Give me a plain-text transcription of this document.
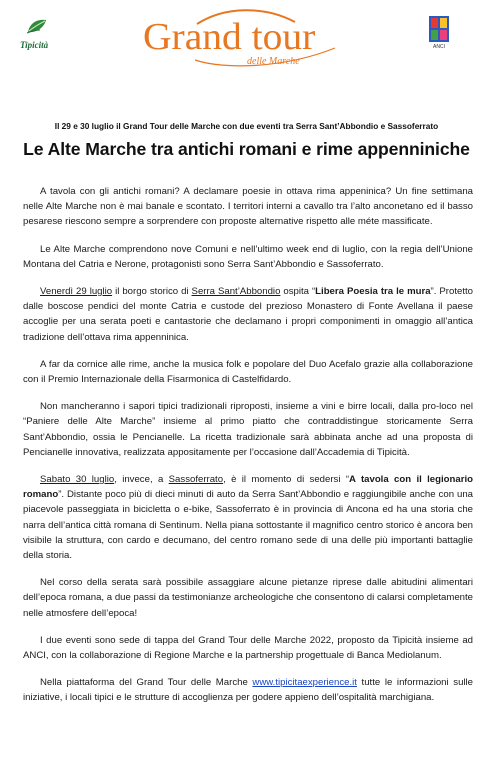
Tipicità Grand tour
delle Marche
ANCI
Il 29 e 30 luglio il Grand Tour delle Marche con due eventi tra Serra Sant’Abbondio e Sassoferrato
Le Alte Marche tra antichi romani e rime appenniniche

A tavola con gli antichi romani? A declamare poesie in ottava rima appeninica? Un fine settimana nelle Alte Marche non è mai banale e scontato. I territori interni a cavallo tra l’alto anconetano ed il basso pesarese riescono sempre a sorprendere con proposte alternative rispetto alle méte massificate.

Le Alte Marche comprendono nove Comuni e nell’ultimo week end di luglio, con la regia dell’Unione Montana del Catria e Nerone, protagonisti sono Serra Sant’Abbondio e Sassoferrato.

Venerdì 29 luglio il borgo storico di Serra Sant’Abbondio ospita “Libera Poesia tra le mura”. Protetto dalle boscose pendici del monte Catria e custode del prezioso Monastero di Fonte Avellana il paese accoglie per una serata poeti e cantastorie che declamano i propri componimenti in omaggio all’antica tradizione dell’ottava rima appenninica.

A far da cornice alle rime, anche la musica folk e popolare del Duo Acefalo grazie alla collaborazione con il Premio Internazionale della Fisarmonica di Castelfidardo.

Non mancheranno i sapori tipici tradizionali riproposti, insieme a vini e birre locali, dalla pro-loco nel “Paniere delle Alte Marche” insieme al primo piatto che contraddistingue storicamente Serra Sant’Abbondio, ossia le Pencianelle. La ricetta tradizionale sarà abbinata anche ad una proposta di Pencianelle innovativa, realizzata appositamente per l’occasione dall’Accademia di Tipicità.

Sabato 30 luglio, invece, a Sassoferrato, è il momento di sedersi “A tavola con il legionario romano”. Distante poco più di dieci minuti di auto da Serra Sant’Abbondio e raggiungibile anche con una piacevole passeggiata in bicicletta o e-bike, Sassoferrato è in provincia di Ancona ed ha una storia che narra dell’antica città romana di Sentinum. Nella piana sottostante il magnifico centro storico è ancora ben visibile la struttura, con cardo e decumano, del centro romano sede di una delle più importanti battaglie della storia.

Nel corso della serata sarà possibile assaggiare alcune pietanze riprese dalle abitudini alimentari dell’epoca romana, a due passi da testimonianze archeologiche che consentono di calarsi completamente nelle atmosfere dell’epoca!

I due eventi sono sede di tappa del Grand Tour delle Marche 2022, proposto da Tipicità insieme ad ANCI, con la collaborazione di Regione Marche e la partnership progettuale di Banca Mediolanum.

Nella piattaforma del Grand Tour delle Marche www.tipicitaexperience.it tutte le informazioni sulle iniziative, i locali tipici e le strutture di accoglienza per godere appieno dell’ospitalità marchigiana.
